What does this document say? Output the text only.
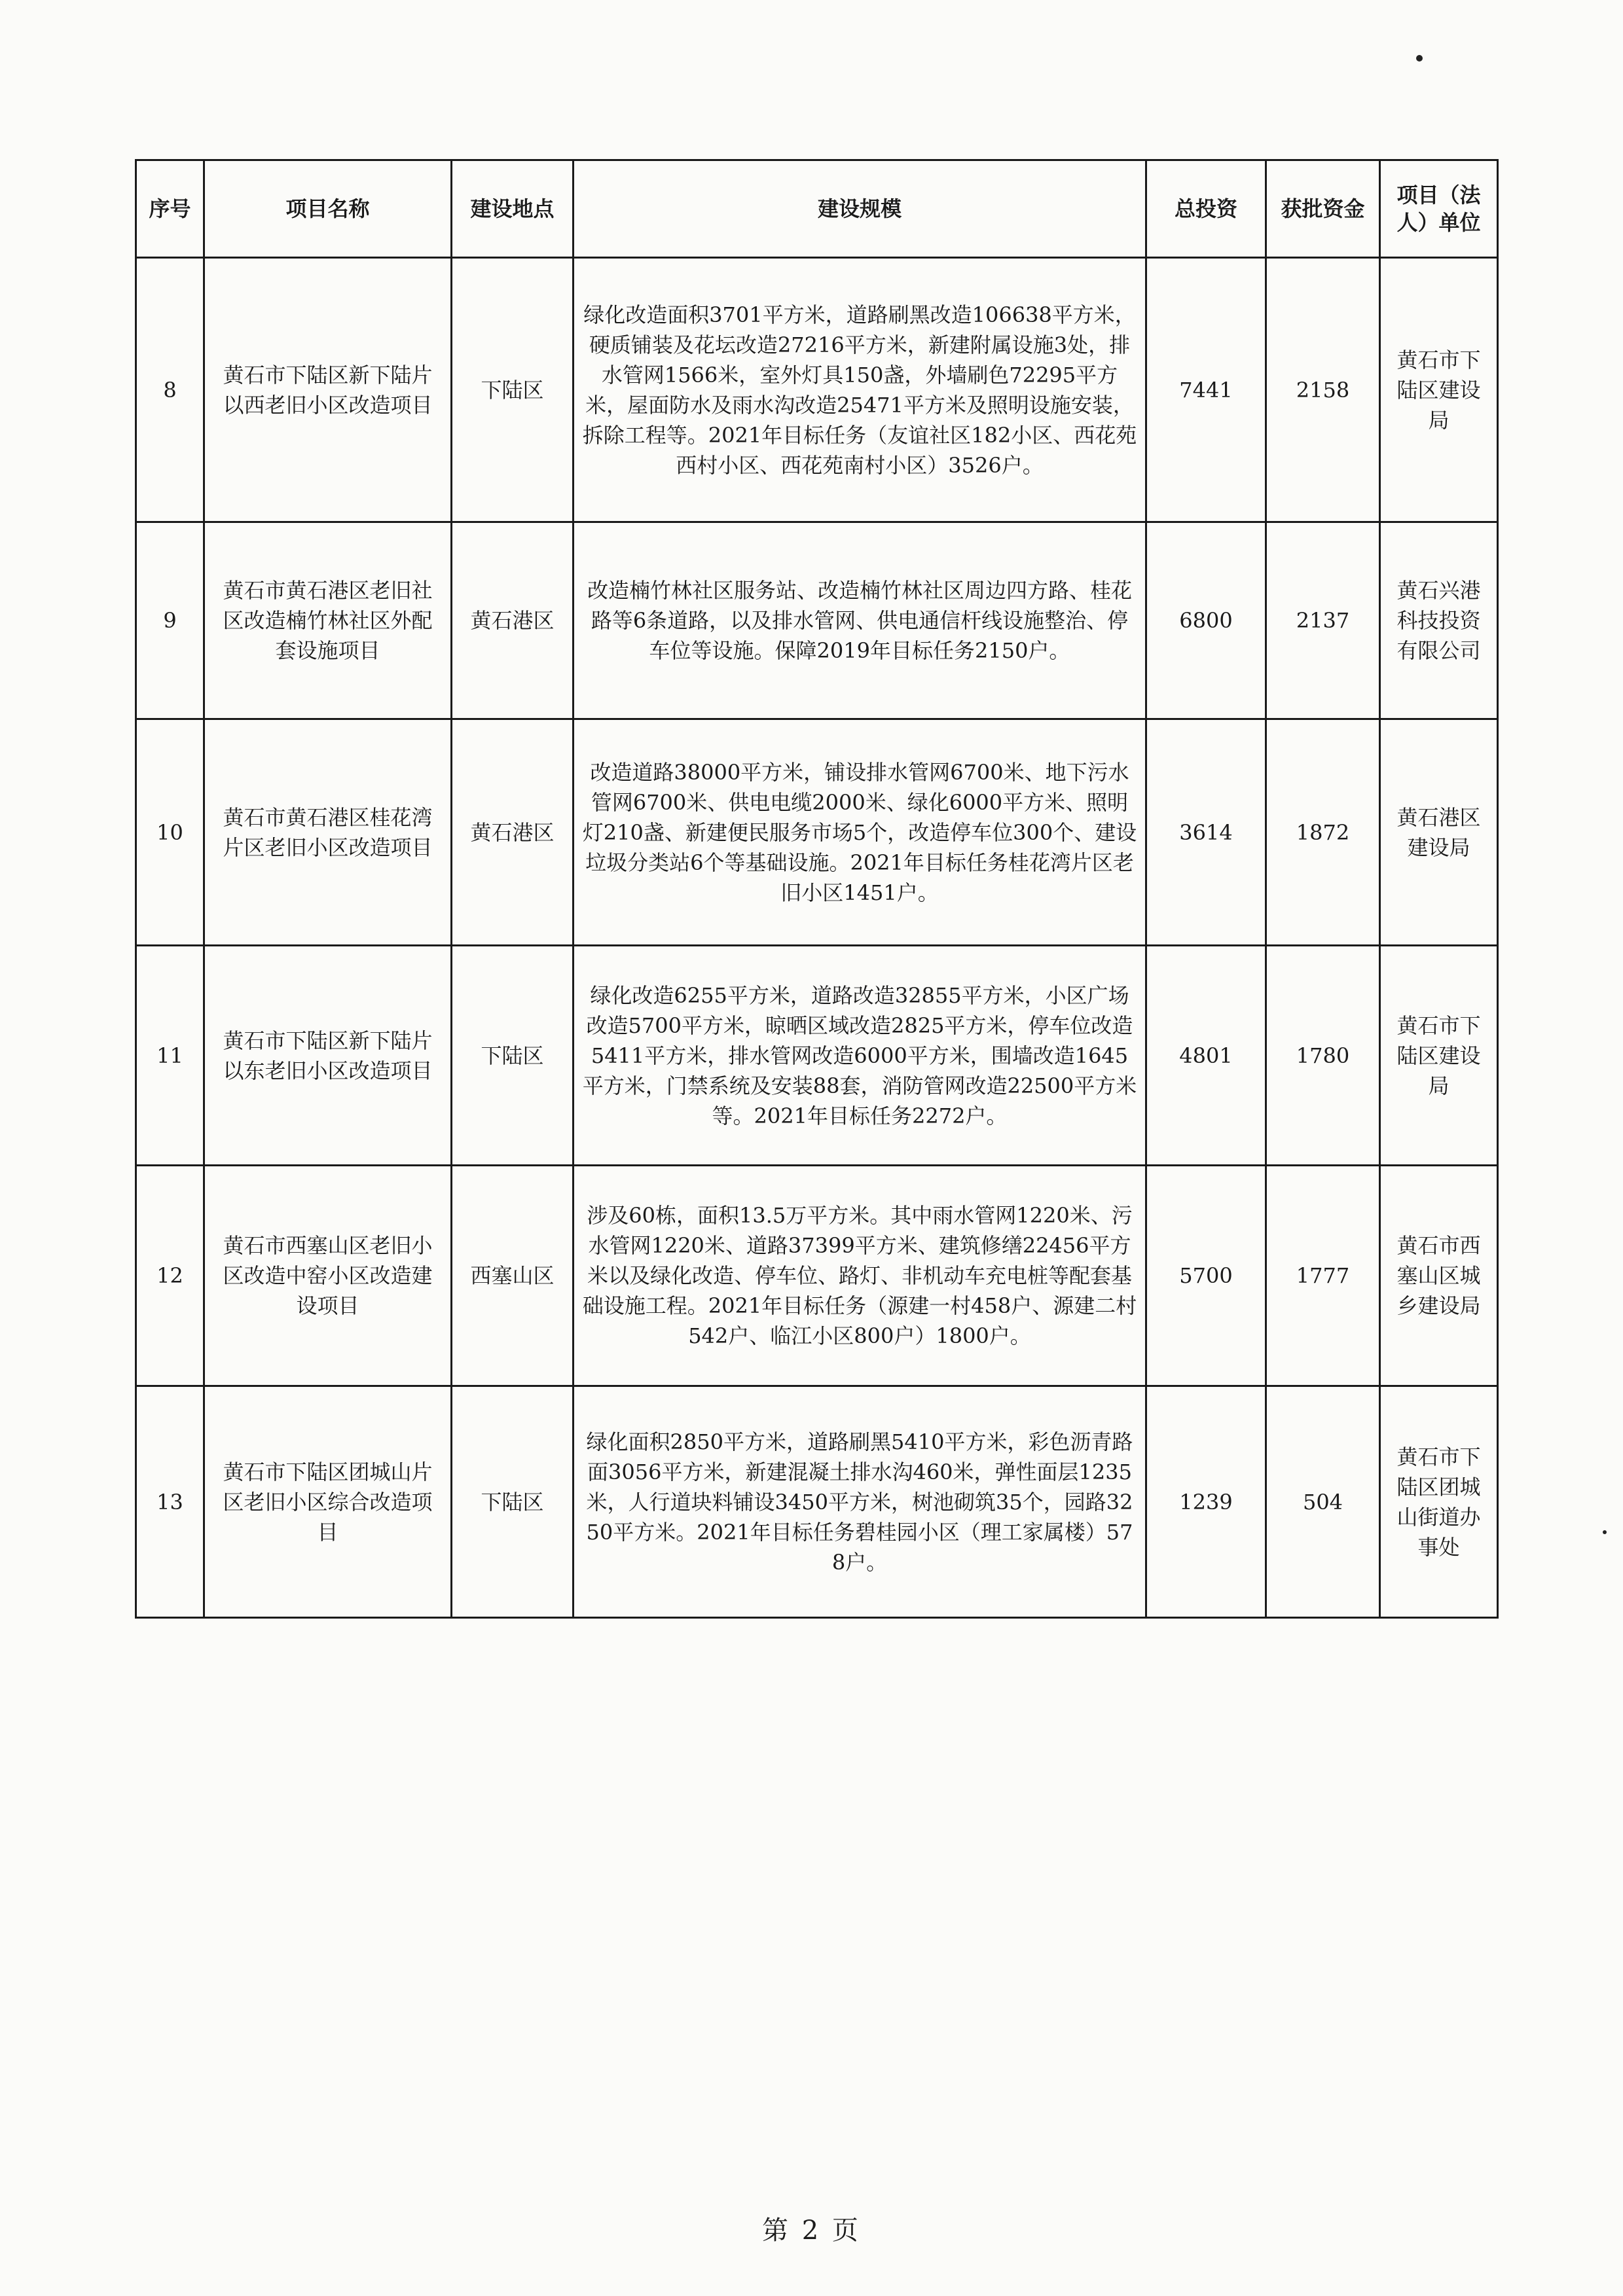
序号	项目名称	建设地点	建设规模	总投资	获批资金	项目（法人）单位
8	黄石市下陆区新下陆片以西老旧小区改造项目	下陆区	绿化改造面积3701平方米，道路刷黑改造106638平方米，硬质铺装及花坛改造27216平方米，新建附属设施3处，排水管网1566米，室外灯具150盏，外墙刷色72295平方米，屋面防水及雨水沟改造25471平方米及照明设施安装，拆除工程等。2021年目标任务（友谊社区182小区、西花苑西村小区、西花苑南村小区）3526户。	7441	2158	黄石市下陆区建设局
9	黄石市黄石港区老旧社区改造楠竹林社区外配套设施项目	黄石港区	改造楠竹林社区服务站、改造楠竹林社区周边四方路、桂花路等6条道路，以及排水管网、供电通信杆线设施整治、停车位等设施。保障2019年目标任务2150户。	6800	2137	黄石兴港科技投资有限公司
10	黄石市黄石港区桂花湾片区老旧小区改造项目	黄石港区	改造道路38000平方米，铺设排水管网6700米、地下污水管网6700米、供电电缆2000米、绿化6000平方米、照明灯210盏、新建便民服务市场5个，改造停车位300个、建设垃圾分类站6个等基础设施。2021年目标任务桂花湾片区老旧小区1451户。	3614	1872	黄石港区建设局
11	黄石市下陆区新下陆片以东老旧小区改造项目	下陆区	绿化改造6255平方米，道路改造32855平方米，小区广场改造5700平方米，晾晒区域改造2825平方米，停车位改造5411平方米，排水管网改造6000平方米，围墙改造1645平方米，门禁系统及安装88套，消防管网改造22500平方米等。2021年目标任务2272户。	4801	1780	黄石市下陆区建设局
12	黄石市西塞山区老旧小区改造中窑小区改造建设项目	西塞山区	涉及60栋，面积13.5万平方米。其中雨水管网1220米、污水管网1220米、道路37399平方米、建筑修缮22456平方米以及绿化改造、停车位、路灯、非机动车充电桩等配套基础设施工程。2021年目标任务（源建一村458户、源建二村542户、临江小区800户）1800户。	5700	1777	黄石市西塞山区城乡建设局
13	黄石市下陆区团城山片区老旧小区综合改造项目	下陆区	绿化面积2850平方米，道路刷黑5410平方米，彩色沥青路面3056平方米，新建混凝土排水沟460米，弹性面层1235米，人行道块料铺设3450平方米，树池砌筑35个，园路3250平方米。2021年目标任务碧桂园小区（理工家属楼）578户。	1239	504	黄石市下陆区团城山街道办事处
第 2 页
